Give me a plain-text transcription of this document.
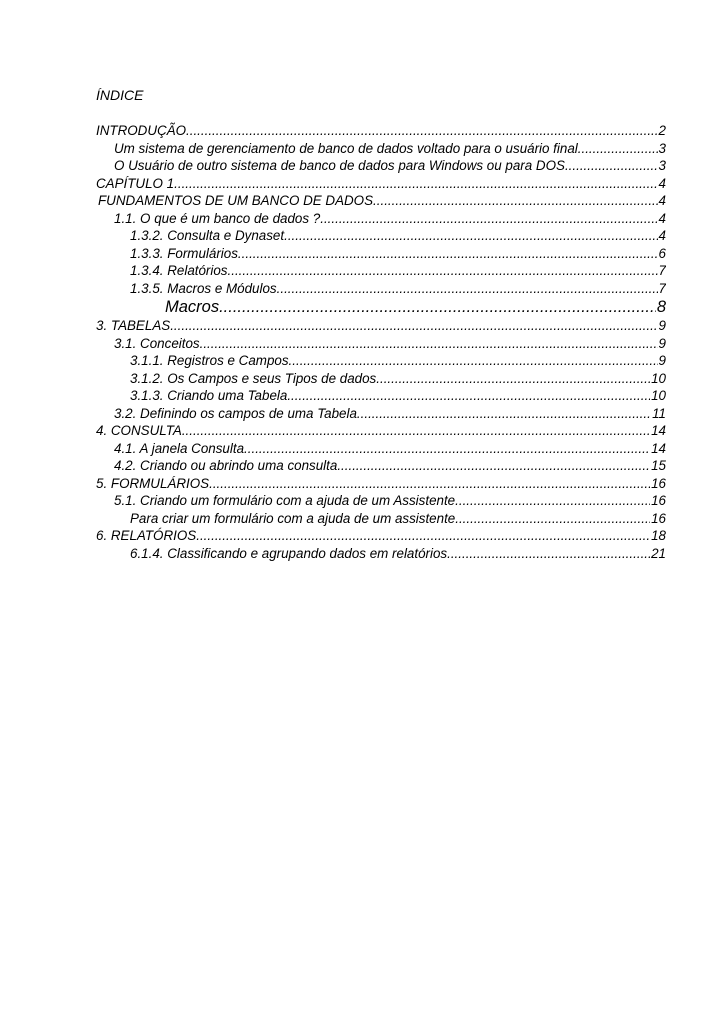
ÍNDICE
INTRODUÇÃO .....	2
Um sistema de gerenciamento de banco de dados voltado para o usuário final. .....	3
O Usuário de outro sistema de banco de dados para Windows ou para DOS. .....	3
CAPÍTULO 1 .....	4
FUNDAMENTOS DE UM BANCO DE DADOS .....	4
1.1. O que é um banco de dados ? .....	4
1.3.2. Consulta e Dynaset .....	4
1.3.3. Formulários .....	6
1.3.4. Relatórios .....	7
1.3.5. Macros e Módulos .....	7
Macros .....	8
3. TABELAS .....	9
3.1. Conceitos .....	9
3.1.1. Registros e Campos .....	9
3.1.2. Os Campos e seus Tipos de dados .....	10
3.1.3. Criando uma Tabela .....	10
3.2. Definindo os campos de uma Tabela .....	11
4. CONSULTA .....	14
4.1. A janela Consulta .....	14
4.2. Criando ou abrindo uma consulta .....	15
5. FORMULÁRIOS .....	16
5.1. Criando um formulário com a ajuda de um Assistente .....	16
Para criar um formulário com a ajuda de um assistente .....	16
6. RELATÓRIOS .....	18
6.1.4. Classificando e agrupando dados em relatórios .....	21
